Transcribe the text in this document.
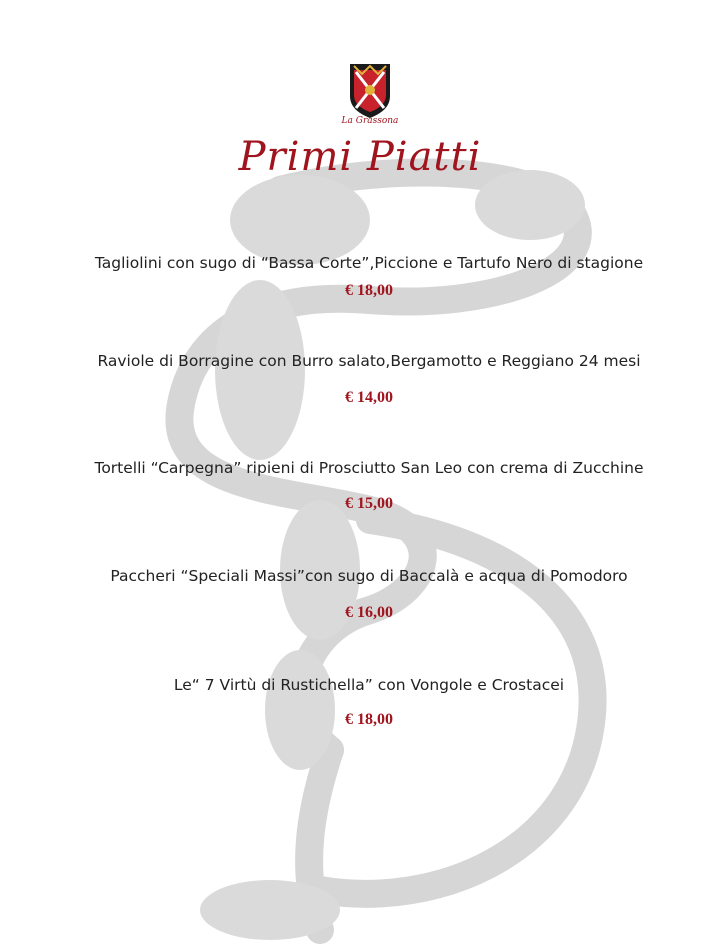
La Grassona
Primi Piatti
Tagliolini con sugo di “Bassa Corte”,Piccione e Tartufo Nero di stagione
€ 18,00
Raviole di Borragine con Burro salato,Bergamotto e Reggiano 24 mesi
€ 14,00
Tortelli “Carpegna” ripieni di Prosciutto San Leo con crema di Zucchine
€ 15,00
Paccheri “Speciali Massi”con sugo di Baccalà e acqua di Pomodoro
€ 16,00
Le“ 7 Virtù di Rustichella” con Vongole e Crostacei
€ 18,00
